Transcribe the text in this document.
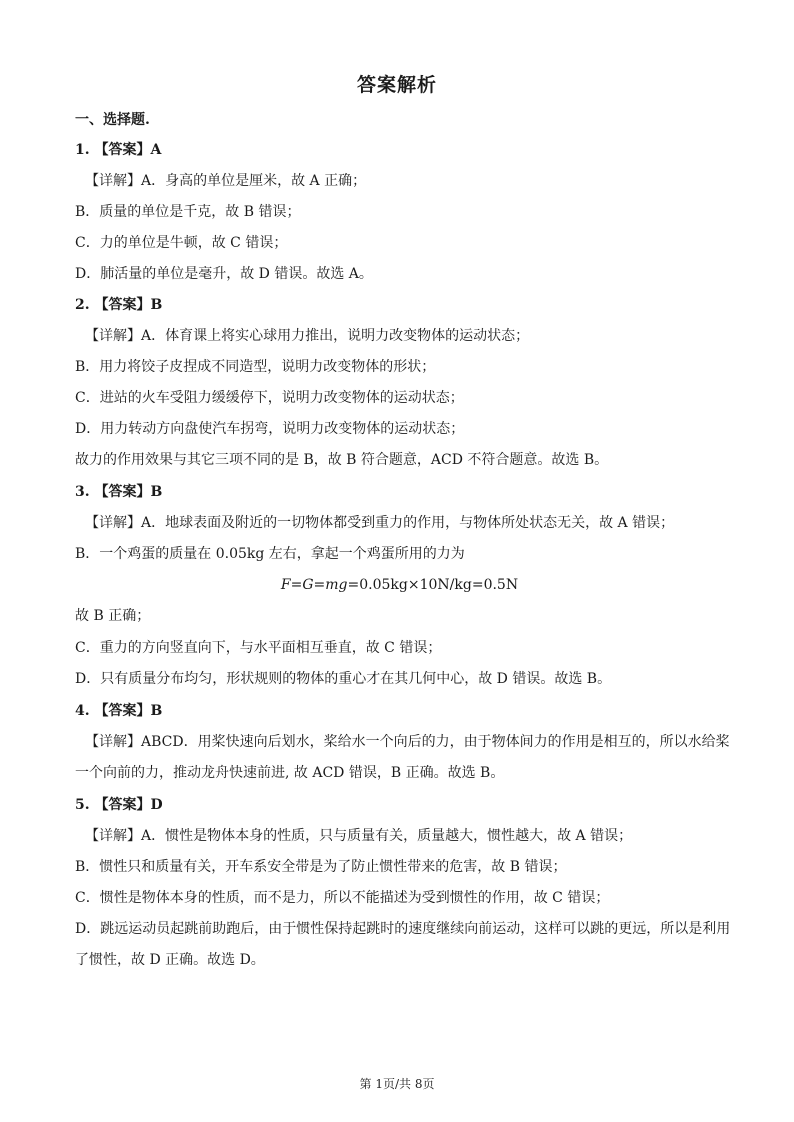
答案解析
一、选择题.
1. 【答案】A
【详解】A．身高的单位是厘米，故 A 正确；
B．质量的单位是千克，故 B 错误；
C．力的单位是牛顿，故 C 错误；
D．肺活量的单位是毫升，故 D 错误。故选 A。
2. 【答案】B
【详解】A．体育课上将实心球用力推出，说明力改变物体的运动状态；
B．用力将饺子皮捏成不同造型，说明力改变物体的形状；
C．进站的火车受阻力缓缓停下，说明力改变物体的运动状态；
D．用力转动方向盘使汽车拐弯，说明力改变物体的运动状态；
故力的作用效果与其它三项不同的是 B，故 B 符合题意，ACD 不符合题意。故选 B。
3. 【答案】B
【详解】A．地球表面及附近的一切物体都受到重力的作用，与物体所处状态无关，故 A 错误；
B．一个鸡蛋的质量在 0.05kg 左右，拿起一个鸡蛋所用的力为
F=G=mg=0.05kg×10N/kg=0.5N
故 B 正确；
C．重力的方向竖直向下，与水平面相互垂直，故 C 错误；
D．只有质量分布均匀，形状规则的物体的重心才在其几何中心，故 D 错误。故选 B。
4. 【答案】B
【详解】ABCD．用桨快速向后划水，桨给水一个向后的力，由于物体间力的作用是相互的，所以水给桨
一个向前的力，推动龙舟快速前进, 故 ACD 错误，B 正确。故选 B。
5. 【答案】D
【详解】A．惯性是物体本身的性质，只与质量有关，质量越大，惯性越大，故 A 错误；
B．惯性只和质量有关，开车系安全带是为了防止惯性带来的危害，故 B 错误；
C．惯性是物体本身的性质，而不是力，所以不能描述为受到惯性的作用，故 C 错误；
D．跳远运动员起跳前助跑后，由于惯性保持起跳时的速度继续向前运动，这样可以跳的更远，所以是利用
了惯性，故 D 正确。故选 D。
第 1页/共 8页
